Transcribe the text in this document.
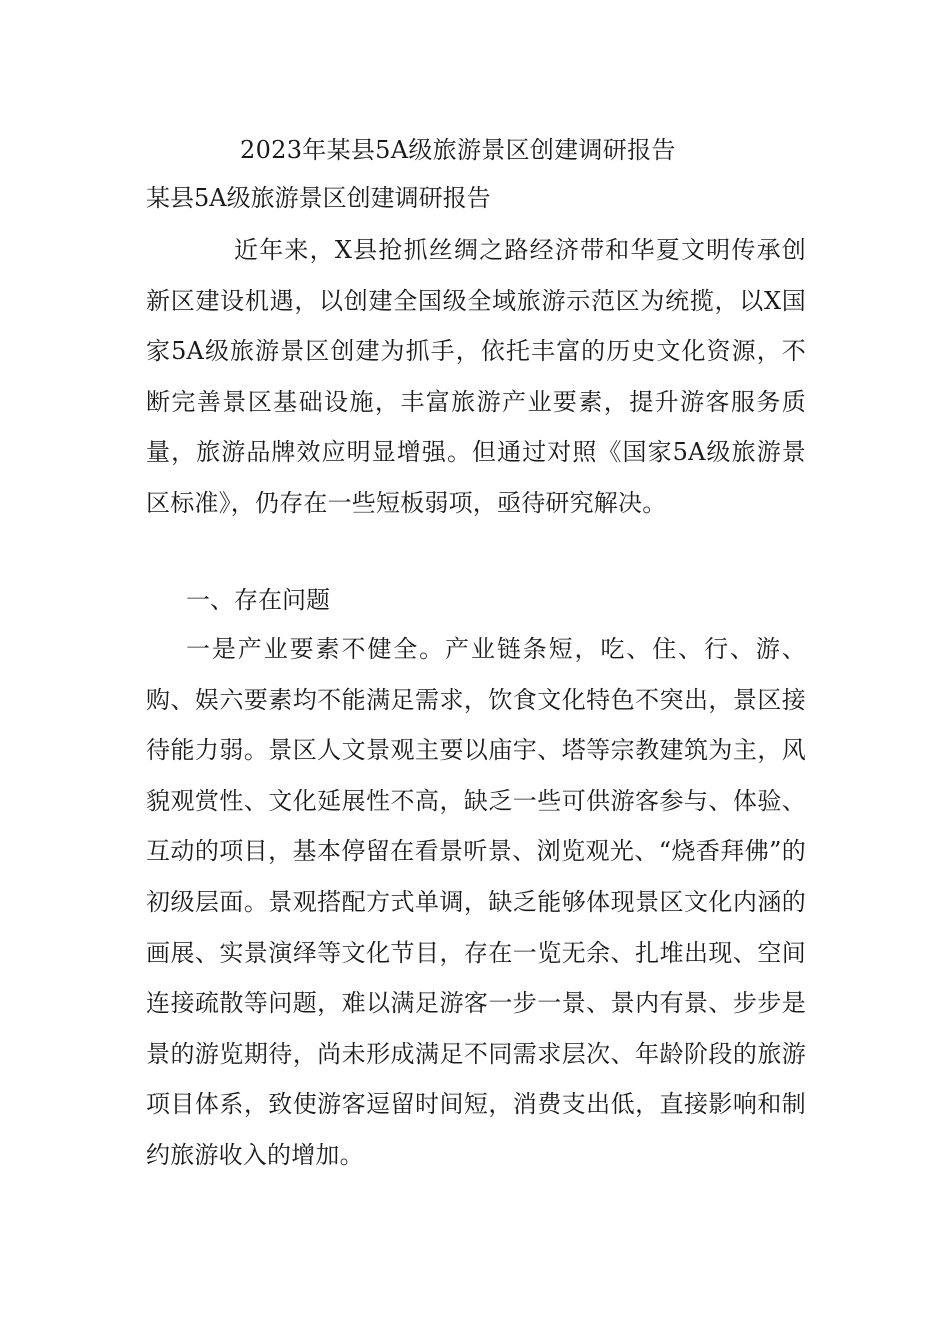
2023年某县5A级旅游景区创建调研报告
某县5A级旅游景区创建调研报告
近年来，X县抢抓丝绸之路经济带和华夏文明传承创新区建设机遇，以创建全国级全域旅游示范区为统揽，以X国家5A级旅游景区创建为抓手，依托丰富的历史文化资源，不断完善景区基础设施，丰富旅游产业要素，提升游客服务质量，旅游品牌效应明显增强。但通过对照《国家5A级旅游景区标准》，仍存在一些短板弱项，亟待研究解决。
一、存在问题
一是产业要素不健全。产业链条短，吃、住、行、游、购、娱六要素均不能满足需求，饮食文化特色不突出，景区接待能力弱。景区人文景观主要以庙宇、塔等宗教建筑为主，风貌观赏性、文化延展性不高，缺乏一些可供游客参与、体验、互动的项目，基本停留在看景听景、浏览观光、“烧香拜佛”的初级层面。景观搭配方式单调，缺乏能够体现景区文化内涵的画展、实景演绎等文化节目，存在一览无余、扎堆出现、空间连接疏散等问题，难以满足游客一步一景、景内有景、步步是景的游览期待，尚未形成满足不同需求层次、年龄阶段的旅游项目体系，致使游客逗留时间短，消费支出低，直接影响和制约旅游收入的增加。
